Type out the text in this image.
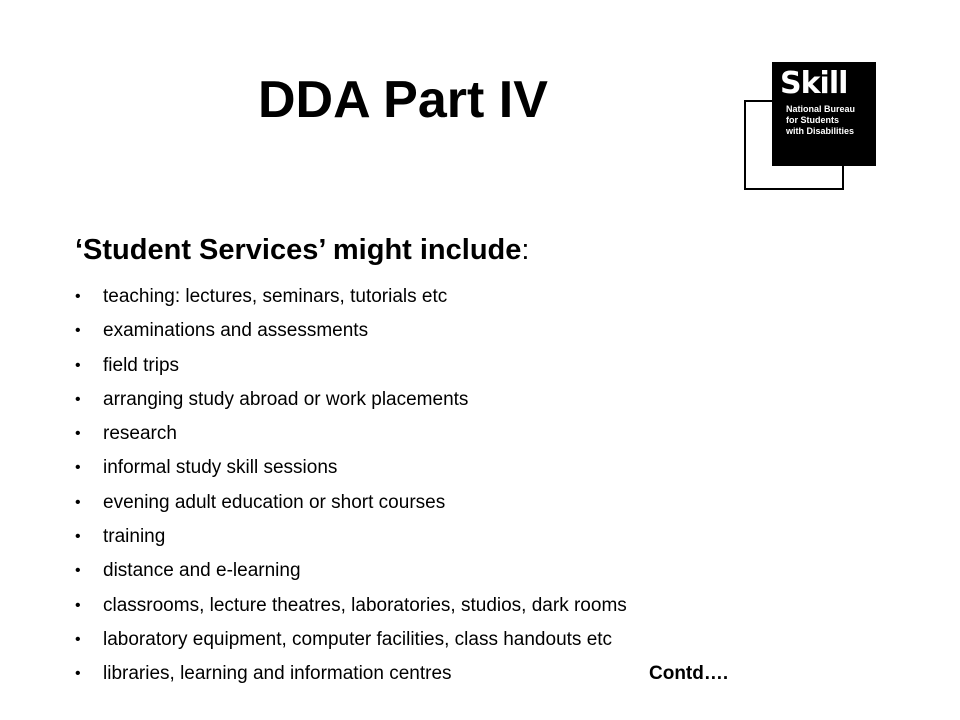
DDA Part IV	Skill
National Bureau
for Students
with Disabilities
‘Student Services’ might include:
• teaching: lectures, seminars, tutorials etc
• examinations and assessments
• field trips
• arranging study abroad or work placements
• research
• informal study skill sessions
• evening adult education or short courses
• training
• distance and e-learning
• classrooms, lecture theatres, laboratories, studios, dark rooms
• laboratory equipment, computer facilities, class handouts etc
• libraries, learning and information centres	Contd….
